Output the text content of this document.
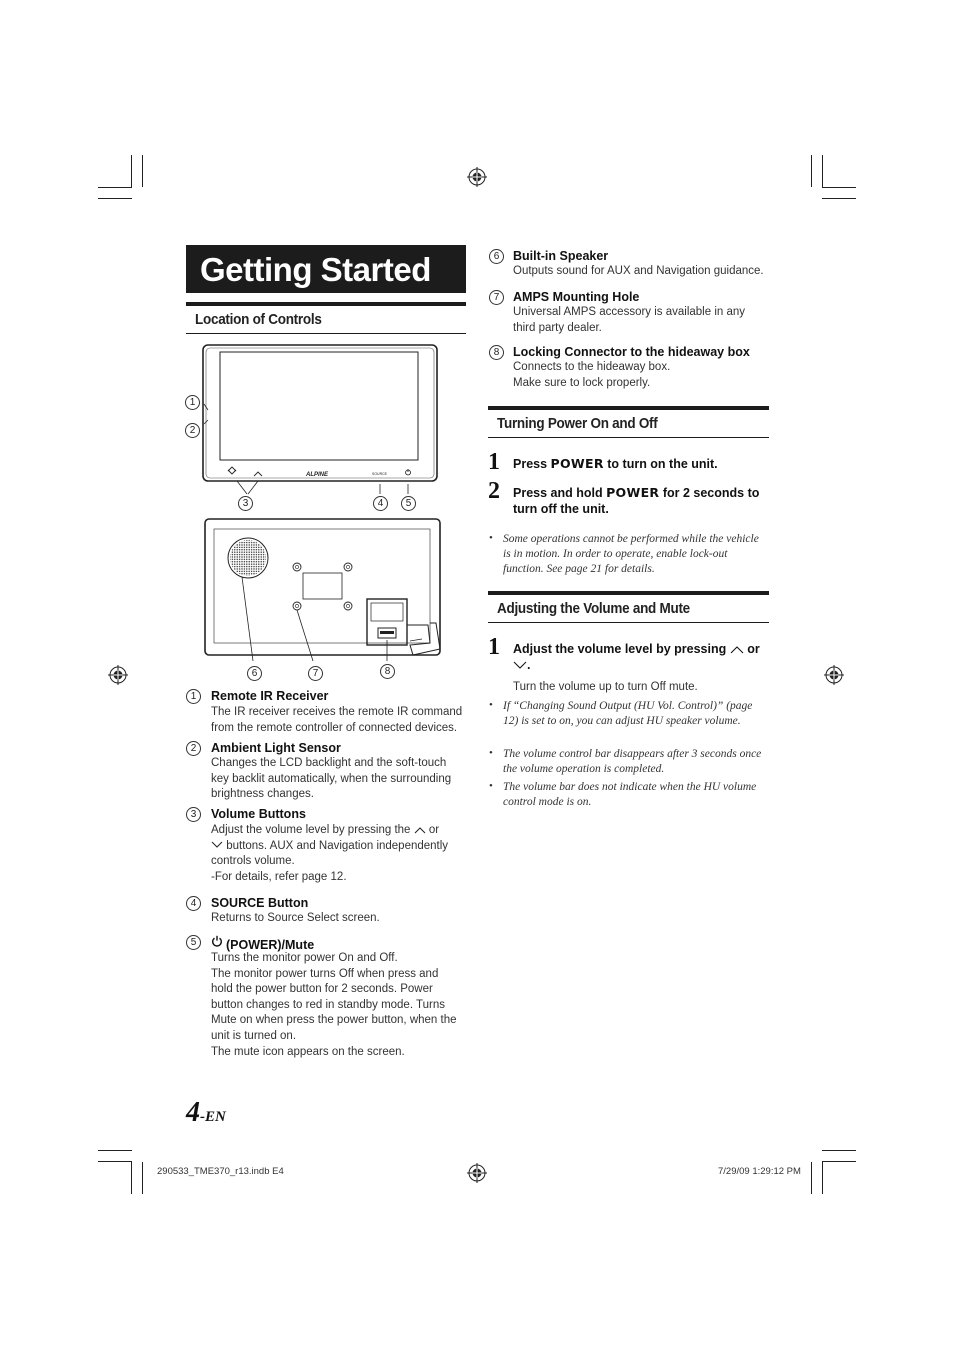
Getting Started
Location of Controls
ALPINE	SOURCE
1
2
3	4	5
6	7	8
1	Remote IR Receiver
The IR receiver receives the remote IR command from the remote controller of connected devices.
2	Ambient Light Sensor
Changes the LCD backlight and the soft-touch key backlit automatically, when the surrounding brightness changes.
3	Volume Buttons
Adjust the volume level by pressing the or
buttons. AUX and Navigation independently controls volume.
-For details, refer page 12.
4	SOURCE Button
Returns to Source Select screen.
5	(POWER)/Mute
Turns the monitor power On and Off.
The monitor power turns Off when press and hold the power button for 2 seconds. Power button changes to red in standby mode. Turns Mute on when press the power button, when the unit is turned on.
The mute icon appears on the screen.
6	Built-in Speaker
Outputs sound for AUX and Navigation guidance.
7	AMPS Mounting Hole
Universal AMPS accessory is available in any third party dealer.
8	Locking Connector to the hideaway box
Connects to the hideaway box.
Make sure to lock properly.
Turning Power On and Off
1 Press POWER to turn on the unit.
2 Press and hold POWER for 2 seconds to turn off the unit.
• Some operations cannot be performed while the vehicle is in motion. In order to operate, enable lock-out function. See page 21 for details.
Adjusting the Volume and Mute
1 Adjust the volume level by pressing or
.
Turn the volume up to turn Off mute.
• If “Changing Sound Output (HU Vol. Control)” (page 12) is set to on, you can adjust HU speaker volume.
• The volume control bar disappears after 3 seconds once the volume operation is completed.
• The volume bar does not indicate when the HU volume control mode is on.
4-EN
290533_TME370_r13.indb E4	7/29/09 1:29:12 PM
